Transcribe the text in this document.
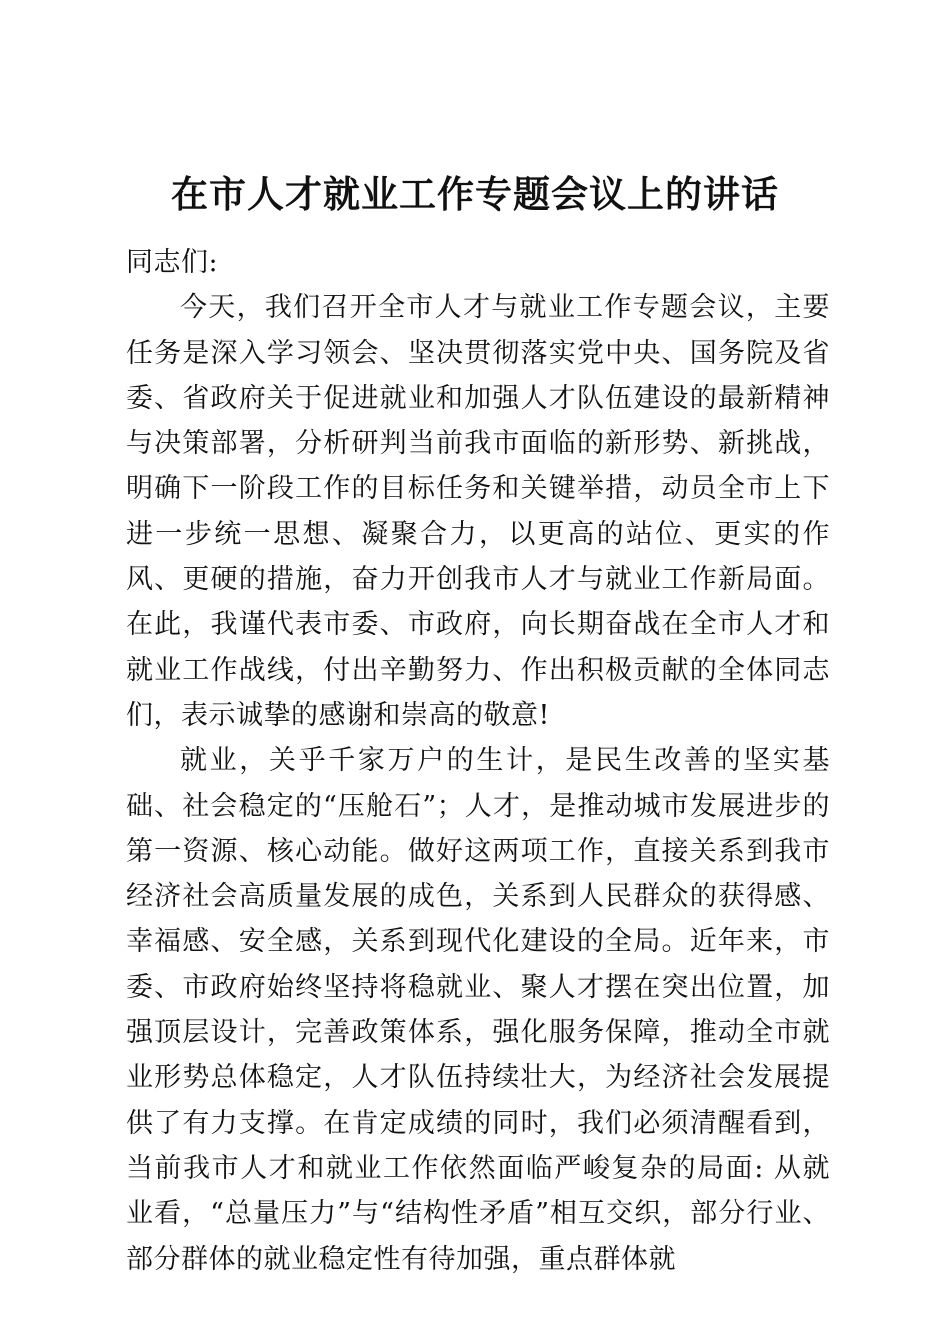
在市人才就业工作专题会议上的讲话

同志们:

今天，我们召开全市人才与就业工作专题会议，主要任务是深入学习领会、坚决贯彻落实党中央、国务院及省委、省政府关于促进就业和加强人才队伍建设的最新精神与决策部署，分析研判当前我市面临的新形势、新挑战，明确下一阶段工作的目标任务和关键举措，动员全市上下进一步统一思想、凝聚合力，以更高的站位、更实的作风、更硬的措施，奋力开创我市人才与就业工作新局面。在此，我谨代表市委、市政府，向长期奋战在全市人才和就业工作战线，付出辛勤努力、作出积极贡献的全体同志们，表示诚挚的感谢和崇高的敬意!

就业，关乎千家万户的生计，是民生改善的坚实基础、社会稳定的“压舱石”；人才，是推动城市发展进步的第一资源、核心动能。做好这两项工作，直接关系到我市经济社会高质量发展的成色，关系到人民群众的获得感、幸福感、安全感，关系到现代化建设的全局。近年来，市委、市政府始终坚持将稳就业、聚人才摆在突出位置，加强顶层设计，完善政策体系，强化服务保障，推动全市就业形势总体稳定，人才队伍持续壮大，为经济社会发展提供了有力支撑。在肯定成绩的同时，我们必须清醒看到，当前我市人才和就业工作依然面临严峻复杂的局面: 从就业看，“总量压力”与“结构性矛盾”相互交织，部分行业、部分群体的就业稳定性有待加强，重点群体就
